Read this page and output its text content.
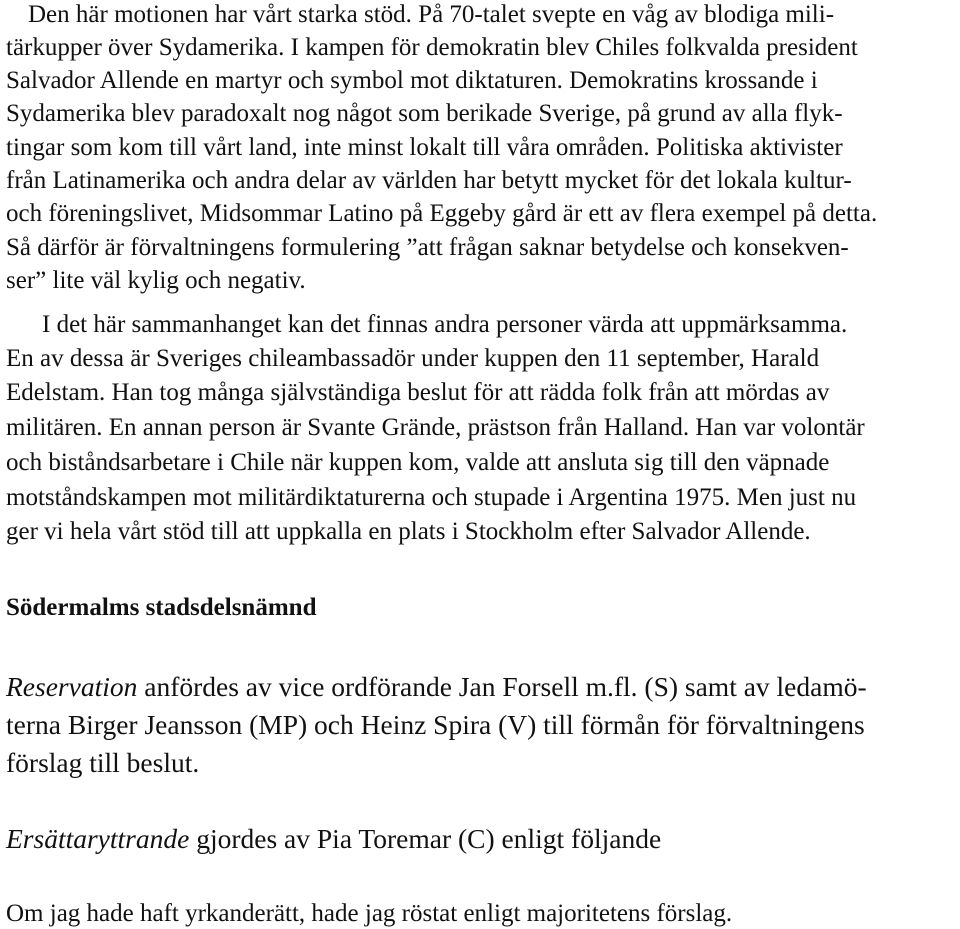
Den här motionen har vårt starka stöd. På 70-talet svepte en våg av blodiga mili-
tärkupper över Sydamerika. I kampen för demokratin blev Chiles folkvalda president
Salvador Allende en martyr och symbol mot diktaturen. Demokratins krossande i
Sydamerika blev paradoxalt nog något som berikade Sverige, på grund av alla flyk-
tingar som kom till vårt land, inte minst lokalt till våra områden. Politiska aktivister
från Latinamerika och andra delar av världen har betytt mycket för det lokala kultur-
och föreningslivet, Midsommar Latino på Eggeby gård är ett av flera exempel på detta.
Så därför är förvaltningens formulering ”att frågan saknar betydelse och konsekven-
ser” lite väl kylig och negativ.
I det här sammanhanget kan det finnas andra personer värda att uppmärksamma.
En av dessa är Sveriges chileambassadör under kuppen den 11 september, Harald
Edelstam. Han tog många självständiga beslut för att rädda folk från att mördas av
militären. En annan person är Svante Grände, prästson från Halland. Han var volontär
och biståndsarbetare i Chile när kuppen kom, valde att ansluta sig till den väpnade
motståndskampen mot militärdiktaturerna och stupade i Argentina 1975. Men just nu
ger vi hela vårt stöd till att uppkalla en plats i Stockholm efter Salvador Allende.
Södermalms stadsdelsnämnd
Reservation anfördes av vice ordförande Jan Forsell m.fl. (S) samt av ledamö-
terna Birger Jeansson (MP) och Heinz Spira (V) till förmån för förvaltningens
förslag till beslut.
Ersättaryttrande gjordes av Pia Toremar (C) enligt följande
Om jag hade haft yrkanderätt, hade jag röstat enligt majoritetens förslag.
